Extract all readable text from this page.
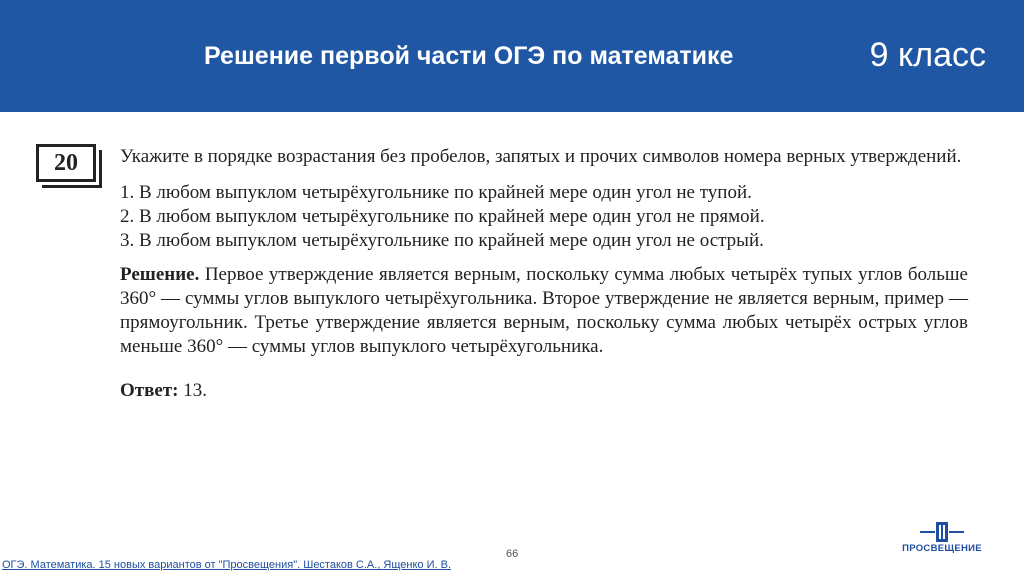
Решение первой части ОГЭ по математике	9 класс
20	Укажите в порядке возрастания без пробелов, запятых и прочих символов номера верных утверждений.

1. В любом выпуклом четырёхугольнике по крайней мере один угол не тупой.

2. В любом выпуклом четырёхугольнике по крайней мере один угол не прямой.

3. В любом выпуклом четырёхугольнике по крайней мере один угол не острый.

Решение. Первое утверждение является верным, поскольку сумма любых четырёх тупых углов больше 360° — суммы углов выпуклого четырёхугольника. Второе утверждение не является верным, пример — прямоугольник. Третье утверждение является верным, поскольку сумма любых четырёх острых углов меньше 360° — суммы углов выпуклого четырёхугольника.

Ответ: 13.

66
ОГЭ. Математика. 15 новых вариантов от "Просвещения". Шестаков С.А., Ященко И. В.
ПРОСВЕЩЕНИЕ
